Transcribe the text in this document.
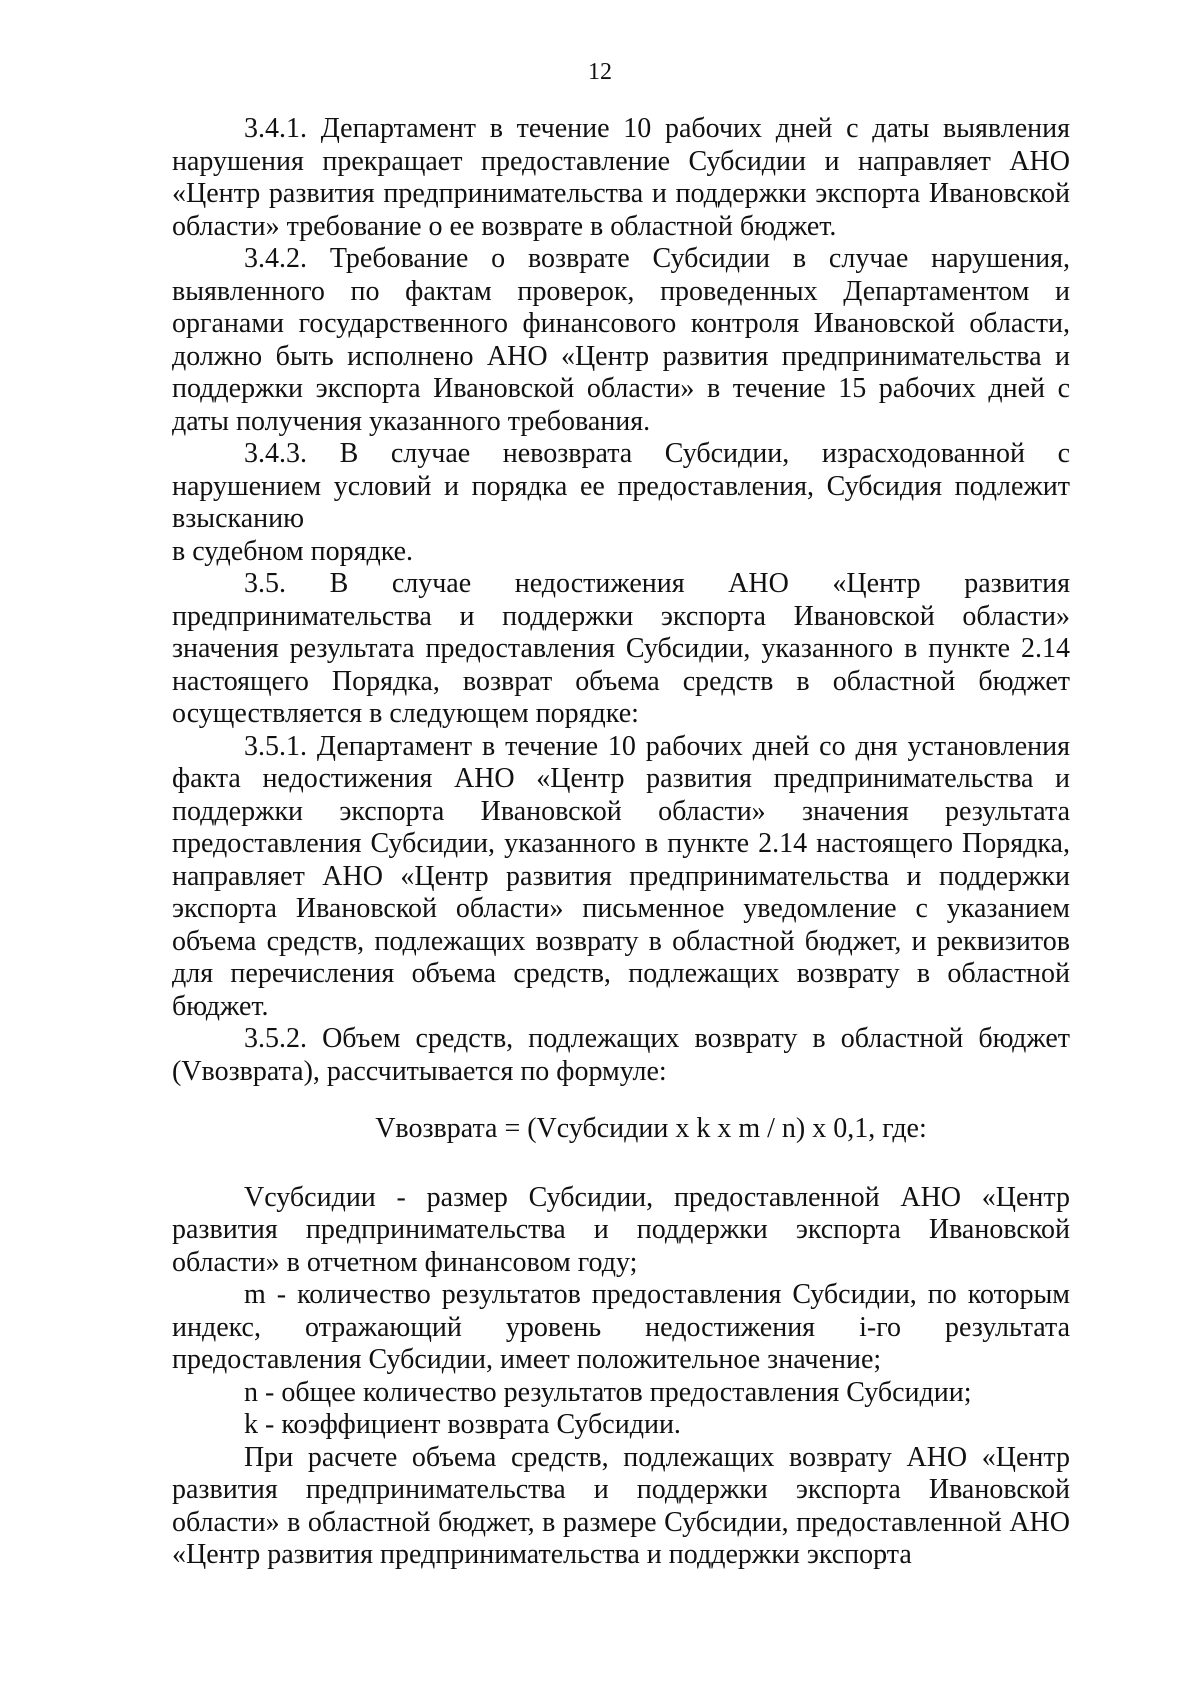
12

3.4.1. Департамент в течение 10 рабочих дней с даты выявления нарушения прекращает предоставление Субсидии и направляет АНО «Центр развития предпринимательства и поддержки экспорта Ивановской области» требование о ее возврате в областной бюджет.

3.4.2. Требование о возврате Субсидии в случае нарушения, выявленного по фактам проверок, проведенных Департаментом и органами государственного финансового контроля Ивановской области, должно быть исполнено АНО «Центр развития предпринимательства и поддержки экспорта Ивановской области» в течение 15 рабочих дней с даты получения указанного требования.

3.4.3. В случае невозврата Субсидии, израсходованной с нарушением условий и порядка ее предоставления, Субсидия подлежит взысканию

в судебном порядке.

3.5. В случае недостижения АНО «Центр развития предпринимательства и поддержки экспорта Ивановской области» значения результата предоставления Субсидии, указанного в пункте 2.14 настоящего Порядка, возврат объема средств в областной бюджет осуществляется в следующем порядке:

3.5.1. Департамент в течение 10 рабочих дней со дня установления факта недостижения АНО «Центр развития предпринимательства и поддержки экспорта Ивановской области» значения результата предоставления Субсидии, указанного в пункте 2.14 настоящего Порядка, направляет АНО «Центр развития предпринимательства и поддержки экспорта Ивановской области» письменное уведомление с указанием объема средств, подлежащих возврату в областной бюджет, и реквизитов для перечисления объема средств, подлежащих возврату в областной бюджет.

3.5.2. Объем средств, подлежащих возврату в областной бюджет (Vвозврата), рассчитывается по формуле:

Vвозврата = (Vсубсидии x k x m / n) x 0,1, где:

Vсубсидии - размер Субсидии, предоставленной АНО «Центр развития предпринимательства и поддержки экспорта Ивановской области» в отчетном финансовом году;

m - количество результатов предоставления Субсидии, по которым индекс, отражающий уровень недостижения i-го результата предоставления Субсидии, имеет положительное значение;

n - общее количество результатов предоставления Субсидии;

k - коэффициент возврата Субсидии.

При расчете объема средств, подлежащих возврату АНО «Центр развития предпринимательства и поддержки экспорта Ивановской области» в областной бюджет, в размере Субсидии, предоставленной АНО «Центр развития предпринимательства и поддержки экспорта
